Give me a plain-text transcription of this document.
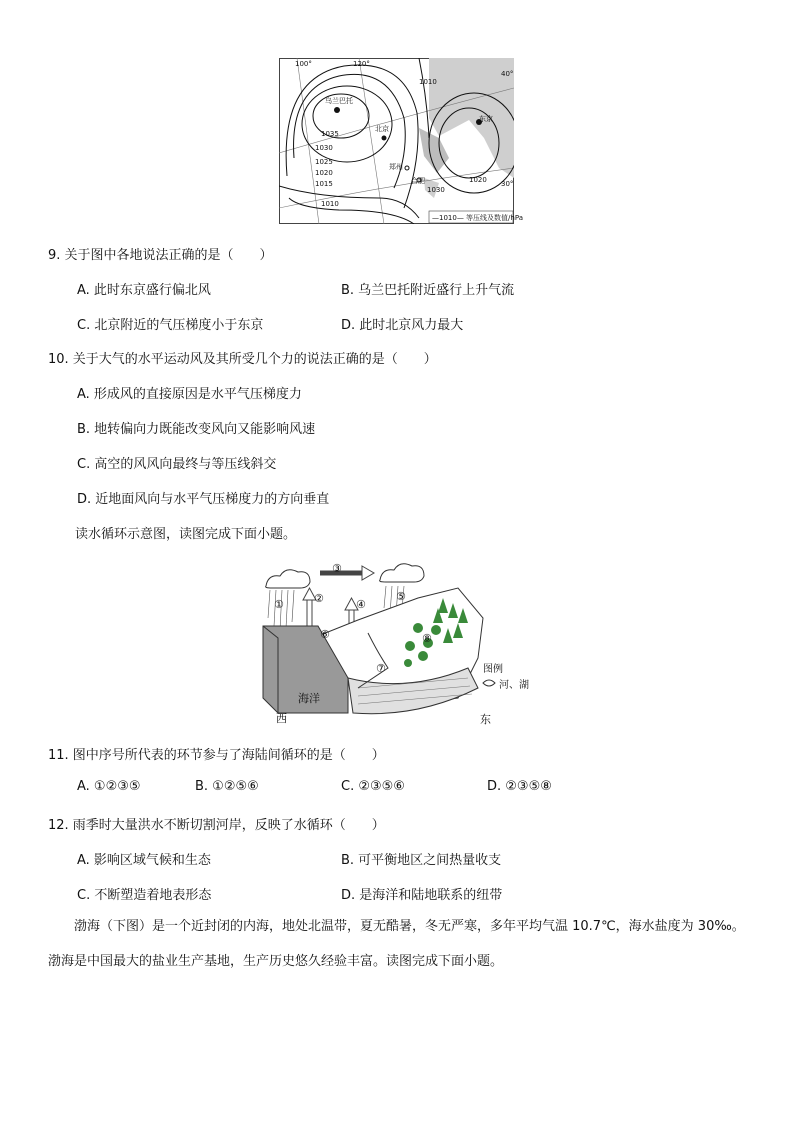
100°	120°
40°
30°
乌兰巴托
北京
郑州
合肥
东京
1035
1030
1025
1020
1015
1010
1010
1020
1030
—1010— 等压线及数值/hPa
9. 关于图中各地说法正确的是（　　）
A. 此时东京盛行偏北风	B. 乌兰巴托附近盛行上升气流
C. 北京附近的气压梯度小于东京	D. 此时北京风力最大
10. 关于大气的水平运动风及其所受几个力的说法正确的是（　　）
A. 形成风的直接原因是水平气压梯度力
B. 地转偏向力既能改变风向又能影响风速
C. 高空的风风向最终与等压线斜交
D. 近地面风向与水平气压梯度力的方向垂直
读水循环示意图，读图完成下面小题。
①	②
③
④
⑤
⑥
⑦
⑧
海洋
西	东
图例
河、湖
11. 图中序号所代表的环节参与了海陆间循环的是（　　）
A. ①②③⑤	B. ①②⑤⑥	C. ②③⑤⑥	D. ②③⑤⑧
12. 雨季时大量洪水不断切割河岸，反映了水循环（　　）
A. 影响区域气候和生态	B. 可平衡地区之间热量收支
C. 不断塑造着地表形态	D. 是海洋和陆地联系的纽带
渤海（下图）是一个近封闭的内海，地处北温带，夏无酷暑，冬无严寒，多年平均气温 10.7℃，海水盐度为 30‰。渤海是中国最大的盐业生产基地，生产历史悠久经验丰富。读图完成下面小题。
